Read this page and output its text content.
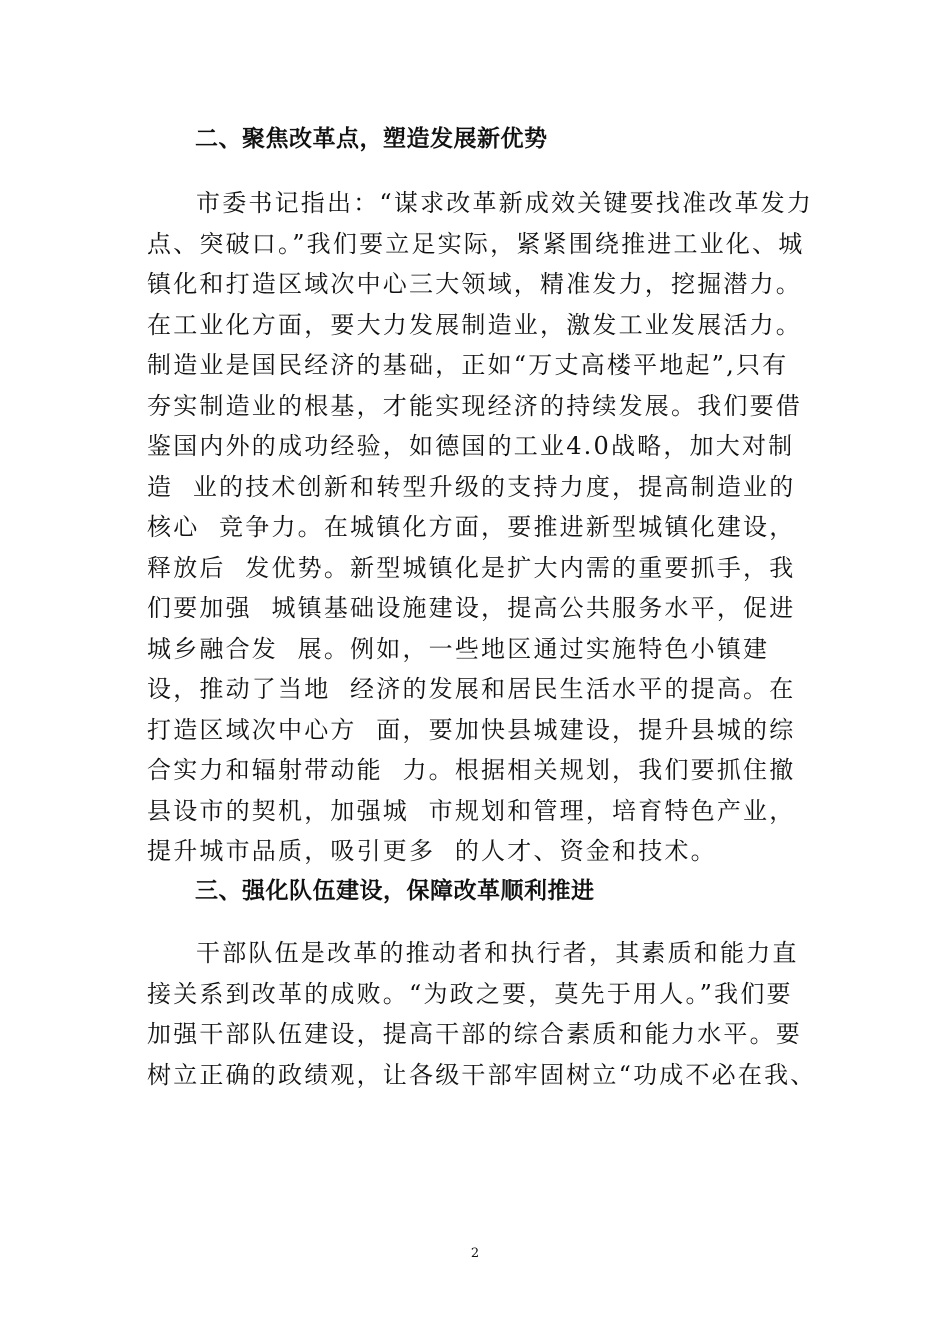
二、聚焦改革点，塑造发展新优势
市委书记指出：“谋求改革新成效关键要找准改革发力
点、突破口。”我们要立足实际，紧紧围绕推进工业化、城
镇化和打造区域次中心三大领域，精准发力，挖掘潜力。
在工业化方面，要大力发展制造业，激发工业发展活力。
制造业是国民经济的基础，正如“万丈高楼平地起”,只有
夯实制造业的根基，才能实现经济的持续发展。我们要借
鉴国内外的成功经验，如德国的工业4.0战略，加大对制
造  业的技术创新和转型升级的支持力度，提高制造业的
核心  竞争力。在城镇化方面，要推进新型城镇化建设，
释放后  发优势。新型城镇化是扩大内需的重要抓手，我
们要加强  城镇基础设施建设，提高公共服务水平，促进
城乡融合发  展。例如，一些地区通过实施特色小镇建
设，推动了当地  经济的发展和居民生活水平的提高。在
打造区域次中心方  面，要加快县城建设，提升县城的综
合实力和辐射带动能  力。根据相关规划，我们要抓住撤
县设市的契机，加强城  市规划和管理，培育特色产业，
提升城市品质，吸引更多  的人才、资金和技术。
三、强化队伍建设，保障改革顺利推进
干部队伍是改革的推动者和执行者，其素质和能力直
接关系到改革的成败。“为政之要，莫先于用人。”我们要
加强干部队伍建设，提高干部的综合素质和能力水平。要
树立正确的政绩观，让各级干部牢固树立“功成不必在我、
2
